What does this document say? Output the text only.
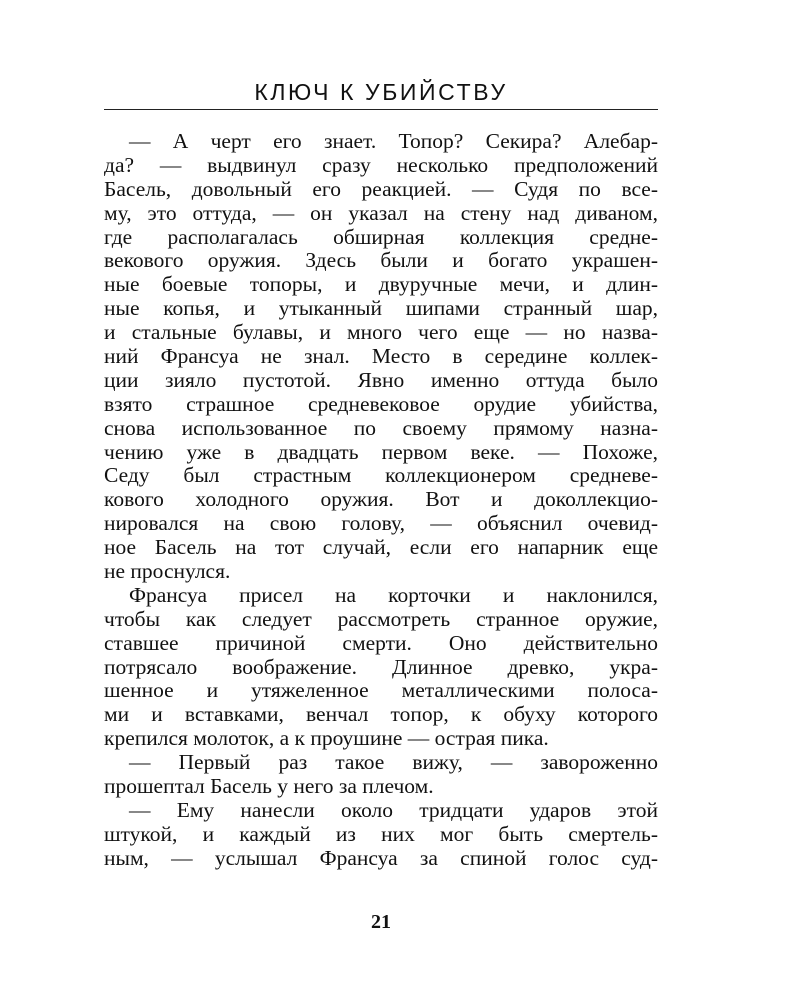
КЛЮЧ К УБИЙСТВУ
— А черт его знает. Топор? Секира? Алебар-
да? — выдвинул сразу несколько предположений
Басель, довольный его реакцией. — Судя по все-
му, это оттуда, — он указал на стену над диваном,
где располагалась обширная коллекция средне-
векового оружия. Здесь были и богато украшен-
ные боевые топоры, и двуручные мечи, и длин-
ные копья, и утыканный шипами странный шар,
и стальные булавы, и много чего еще — но назва-
ний Франсуа не знал. Место в середине коллек-
ции зияло пустотой. Явно именно оттуда было
взято страшное средневековое орудие убийства,
снова использованное по своему прямому назна-
чению уже в двадцать первом веке. — Похоже,
Седу был страстным коллекционером средневе-
кового холодного оружия. Вот и доколлекцио-
нировался на свою голову, — объяснил очевид-
ное Басель на тот случай, если его напарник еще
не проснулся.
Франсуа присел на корточки и наклонился,
чтобы как следует рассмотреть странное оружие,
ставшее причиной смерти. Оно действительно
потрясало воображение. Длинное древко, укра-
шенное и утяжеленное металлическими полоса-
ми и вставками, венчал топор, к обуху которого
крепился молоток, а к проушине — острая пика.
— Первый раз такое вижу, — завороженно
прошептал Басель у него за плечом.
— Ему нанесли около тридцати ударов этой
штукой, и каждый из них мог быть смертель-
ным, — услышал Франсуа за спиной голос суд-
21
